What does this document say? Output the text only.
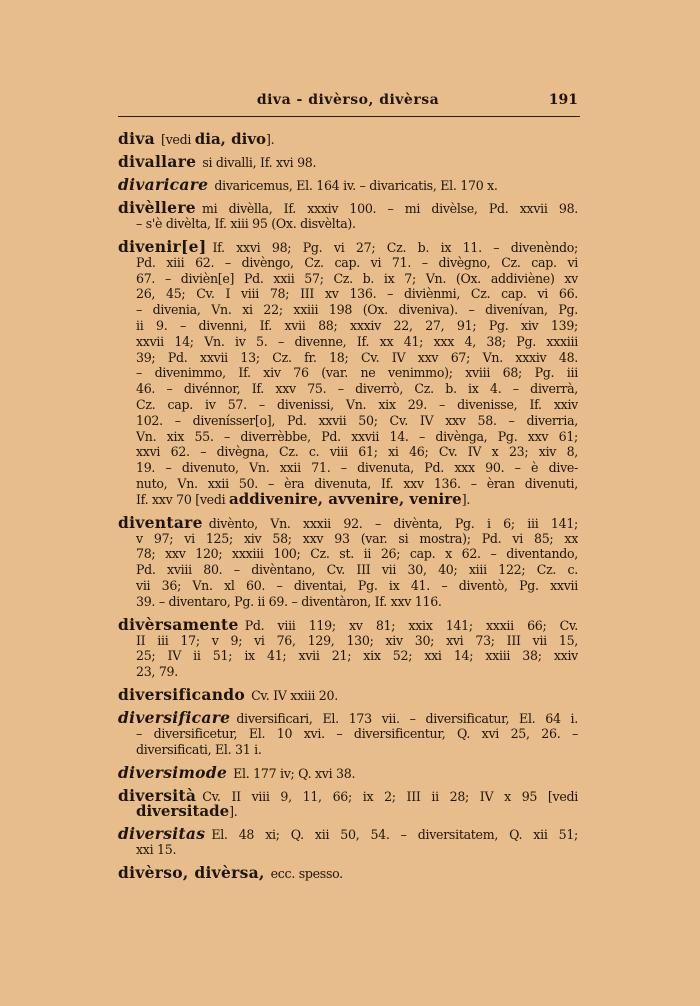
diva - divèrso, divèrsa	191
diva [vedi dia, divo].
divallare si divalli, If. xvi 98.
divaricare divaricemus, El. 164 iv. – divaricatis, El. 170 x.
divèllere mi divèlla, If. xxxiv 100. – mi divèlse, Pd. xxvii 98.
– s'è divèlta, If. xiii 95 (Ox. disvèlta).
divenir[e] If. xxvi 98; Pg. vi 27; Cz. b. ix 11. – divenèndo;
Pd. xiii 62. – divèngo, Cz. cap. vi 71. – divègno, Cz. cap. vi
67. – divièn[e] Pd. xxii 57; Cz. b. ix 7; Vn. (Ox. addiviène) xv
26, 45; Cv. I viii 78; III xv 136. – diviènmi, Cz. cap. vi 66.
– divenia, Vn. xi 22; xxiii 198 (Ox. diveniva). – divenívan, Pg.
ii 9. – divenni, If. xvii 88; xxxiv 22, 27, 91; Pg. xiv 139;
xxvii 14; Vn. iv 5. – divenne, If. xx 41; xxx 4, 38; Pg. xxxiii
39; Pd. xxvii 13; Cz. fr. 18; Cv. IV xxv 67; Vn. xxxiv 48.
– divenimmo, If. xiv 76 (var. ne venimmo); xviii 68; Pg. iii
46. – divénnor, If. xxv 75. – diverrò, Cz. b. ix 4. – diverrà,
Cz. cap. iv 57. – divenissi, Vn. xix 29. – divenisse, If. xxiv
102. – divenísser[o], Pd. xxvii 50; Cv. IV xxv 58. – diverria,
Vn. xix 55. – diverrèbbe, Pd. xxvii 14. – divènga, Pg. xxv 61;
xxvi 62. – divègna, Cz. c. viii 61; xi 46; Cv. IV x 23; xiv 8,
19. – divenuto, Vn. xxii 71. – divenuta, Pd. xxx 90. – è dive-
nuto, Vn. xxii 50. – èra divenuta, If. xxv 136. – èran divenuti,
If. xxv 70 [vedi addivenire, avvenire, venire].
diventare divènto, Vn. xxxii 92. – divènta, Pg. i 6; iii 141;
v 97; vi 125; xiv 58; xxv 93 (var. si mostra); Pd. vi 85; xx
78; xxv 120; xxxiii 100; Cz. st. ii 26; cap. x 62. – diventando,
Pd. xviii 80. – divèntano, Cv. III vii 30, 40; xiii 122; Cz. c.
vii 36; Vn. xl 60. – diventai, Pg. ix 41. – diventò, Pg. xxvii
39. – diventaro, Pg. ii 69. – diventàron, If. xxv 116.
divèrsamente Pd. viii 119; xv 81; xxix 141; xxxii 66; Cv.
II iii 17; v 9; vi 76, 129, 130; xiv 30; xvi 73; III vii 15,
25; IV ii 51; ix 41; xvii 21; xix 52; xxi 14; xxiii 38; xxiv
23, 79.
diversificando Cv. IV xxiii 20.
diversificare diversificari, El. 173 vii. – diversificatur, El. 64 i.
– diversificetur, El. 10 xvi. – diversificentur, Q. xvi 25, 26. –
diversificati, El. 31 i.
diversimode El. 177 iv; Q. xvi 38.
diversità Cv. II viii 9, 11, 66; ix 2; III ii 28; IV x 95 [vedi
diversitade].
diversitas El. 48 xi; Q. xii 50, 54. – diversitatem, Q. xii 51;
xxi 15.
divèrso, divèrsa, ecc. spesso.
